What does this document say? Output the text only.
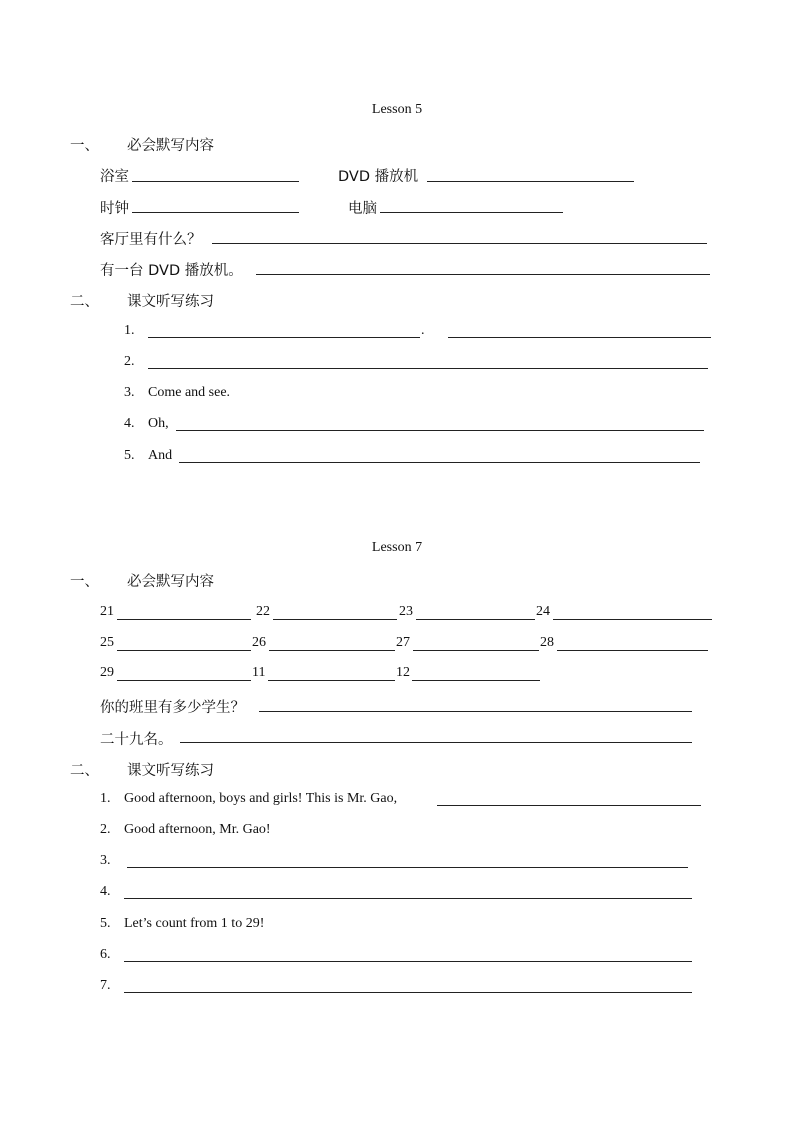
Lesson 5
一、 必会默写内容
浴室	DVD 播放机
时钟	电脑
客厅里有什么？
有一台 DVD 播放机。
二、 课文听写练习
1.	.
2.
3. Come and see.
4. Oh,
5. And
Lesson 7
一、 必会默写内容
21	22	23	24
25	26	27	28
29	11	12
你的班里有多少学生？
二十九名。
二、 课文听写练习
1. Good afternoon, boys and girls! This is Mr. Gao,
2. Good afternoon, Mr. Gao!
3.
4.
5. Let’s count from 1 to 29!
6.
7.
